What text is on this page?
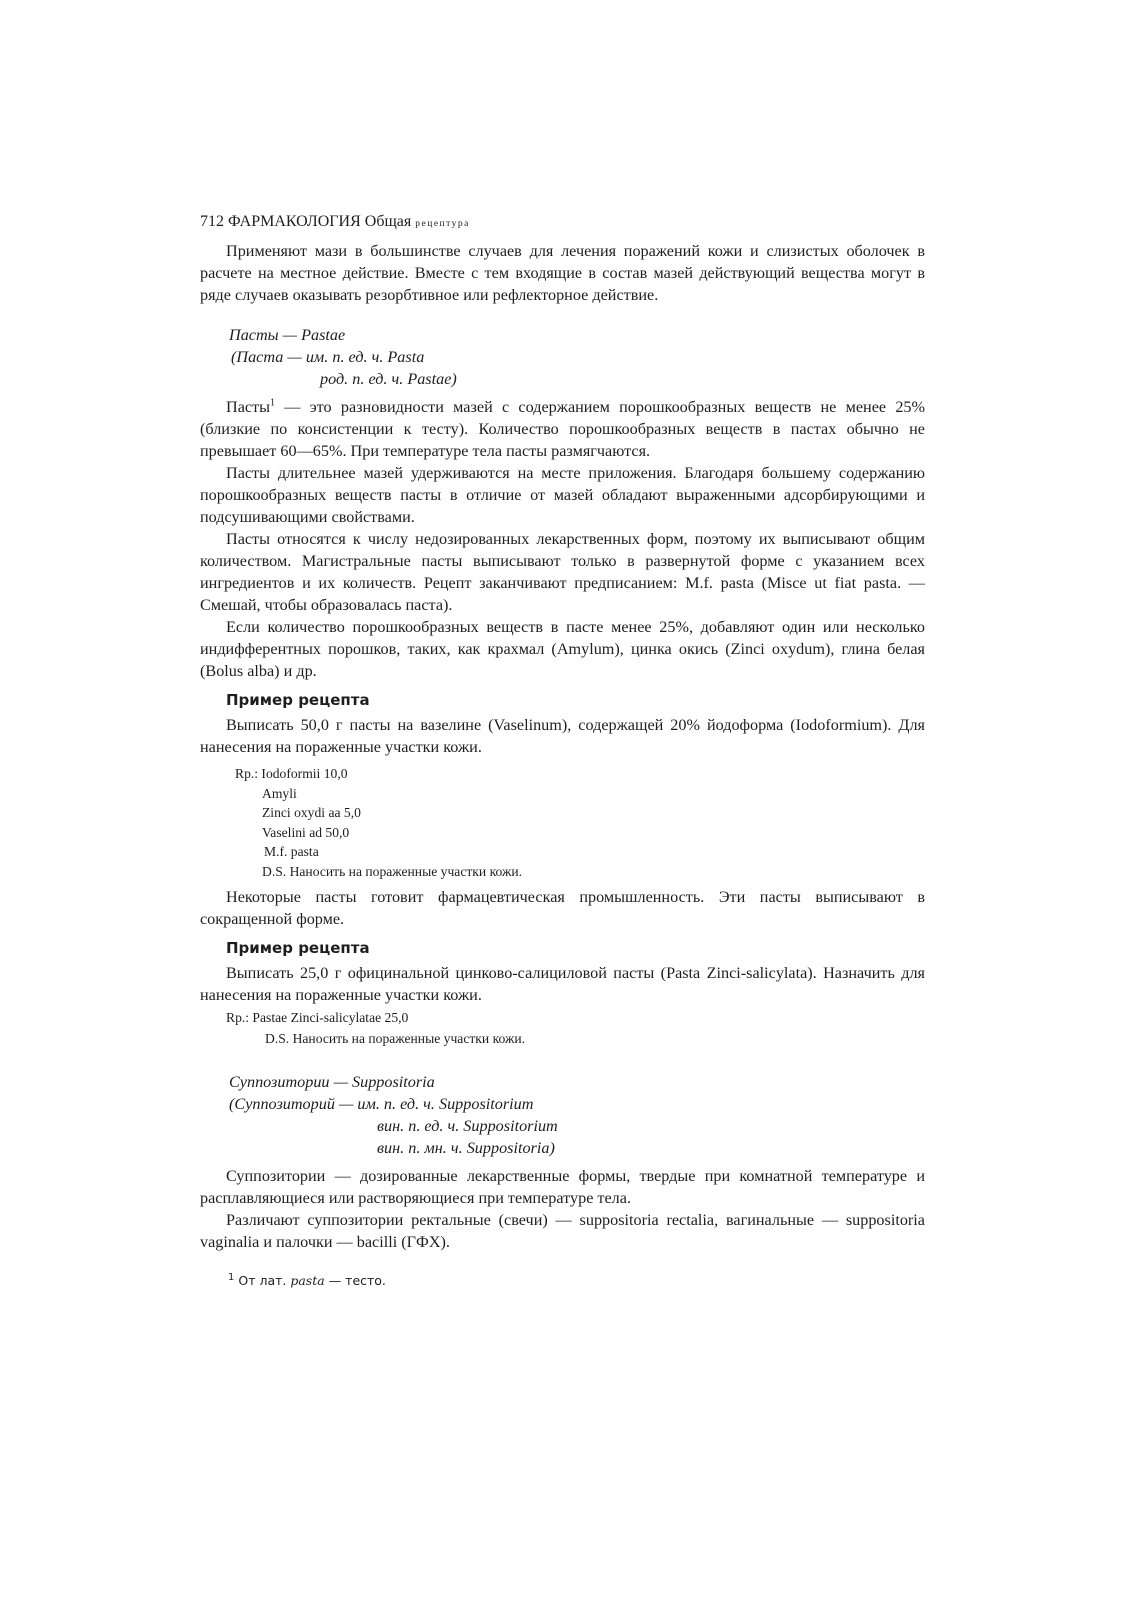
712 ФАРМАКОЛОГИЯ Общая рецептура

Применяют мази в большинстве случаев для лечения поражений кожи и слизистых оболочек в расчете на местное действие. Вместе с тем входящие в состав мазей действующий вещества могут в ряде случаев оказывать резорбтивное или рефлекторное действие.

Пасты — Pastae
(Паста — им. п. ед. ч. Pasta
род. п. ед. ч. Pastae)

Пасты$^1$ — это разновидности мазей с содержанием порошкообразных веществ не менее 25% (близкие по консистенции к тесту). Количество порошкообразных веществ в пастах обычно не превышает 60—65%. При температуре тела пасты размягчаются.

Пасты длительнее мазей удерживаются на месте приложения. Благодаря большему содержанию порошкообразных веществ пасты в отличие от мазей обладают выраженными адсорбирующими и подсушивающими свойствами.

Пасты относятся к числу недозированных лекарственных форм, поэтому их выписывают общим количеством. Магистральные пасты выписывают только в развернутой форме с указанием всех ингредиентов и их количеств. Рецепт заканчивают предписанием: M.f. pasta (Misce ut fiat pasta. — Смешай, чтобы образовалась паста).

Если количество порошкообразных веществ в пасте менее 25%, добавляют один или несколько индифферентных порошков, таких, как крахмал (Amylum), цинка окись (Zinci oxydum), глина белая (Bolus alba) и др.

Пример рецепта

Выписать 50,0 г пасты на вазелине (Vaselinum), содержащей 20% йодоформа (Iodoformium). Для нанесения на пораженные участки кожи.

Rp.: Iodoformii 10,0
Amyli
Zinci oxydi aa 5,0
Vaselini ad 50,0
M.f. pasta
D.S. Наносить на пораженные участки кожи.

Некоторые пасты готовит фармацевтическая промышленность. Эти пасты выписывают в сокращенной форме.

Пример рецепта

Выписать 25,0 г официнальной цинково-салициловой пасты (Pasta Zinci-salicylata). Назначить для нанесения на пораженные участки кожи.

Rp.: Pastae Zinci-salicylatae 25,0
D.S. Наносить на пораженные участки кожи.
Суппозитории — Suppositoria
(Суппозиторий — им. п. ед. ч. Suppositorium
вин. п. ед. ч. Suppositorium
вин. п. мн. ч. Suppositoria)

Суппозитории — дозированные лекарственные формы, твердые при комнатной температуре и расплавляющиеся или растворяющиеся при температуре тела.

Различают суппозитории ректальные (свечи) — suppositoria rectalia, вагинальные — suppositoria vaginalia и палочки — bacilli (ГФХ).

$^1$ От лат. pasta — тесто.
